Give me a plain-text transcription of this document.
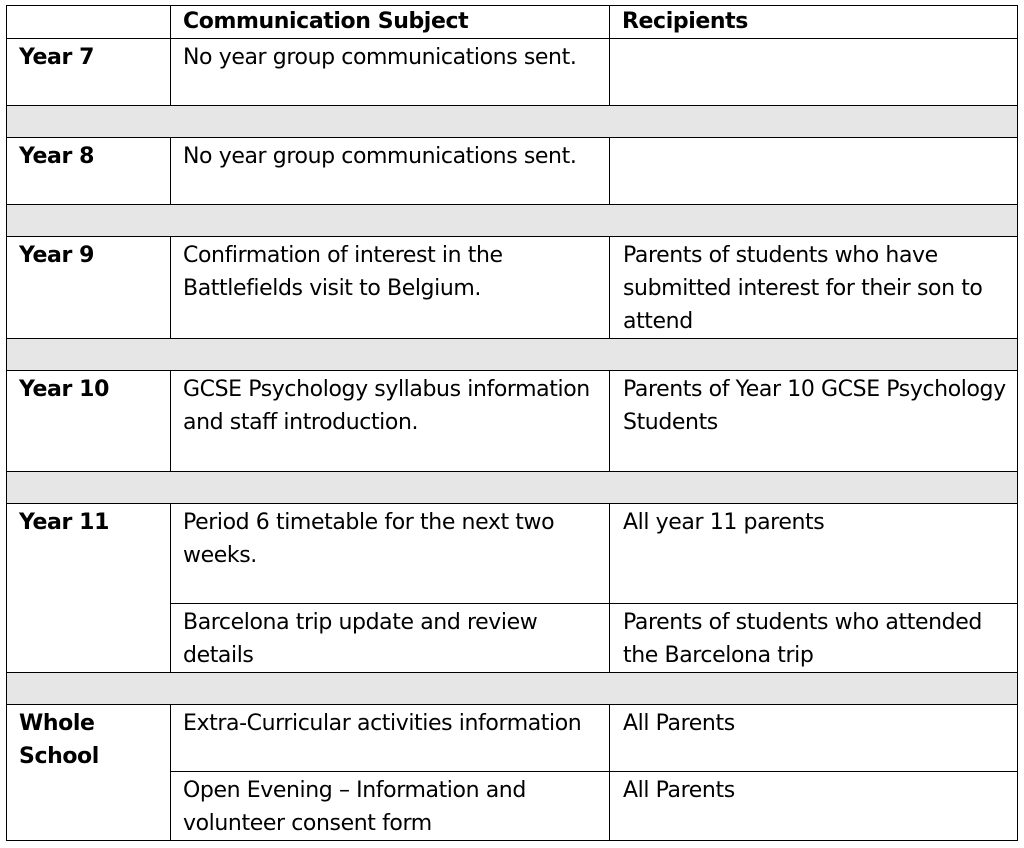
	Communication Subject	Recipients
Year 7	No year group communications sent.	

Year 8	No year group communications sent.	

Year 9	Confirmation of interest in the Battlefields visit to Belgium.	Parents of students who have submitted interest for their son to attend

Year 10	GCSE Psychology syllabus information and staff introduction.	Parents of Year 10 GCSE Psychology Students

Year 11	Period 6 timetable for the next two weeks.	All year 11 parents
	Barcelona trip update and review details	Parents of students who attended the Barcelona trip

Whole School	Extra-Curricular activities information	All Parents
	Open Evening – Information and volunteer consent form	All Parents
